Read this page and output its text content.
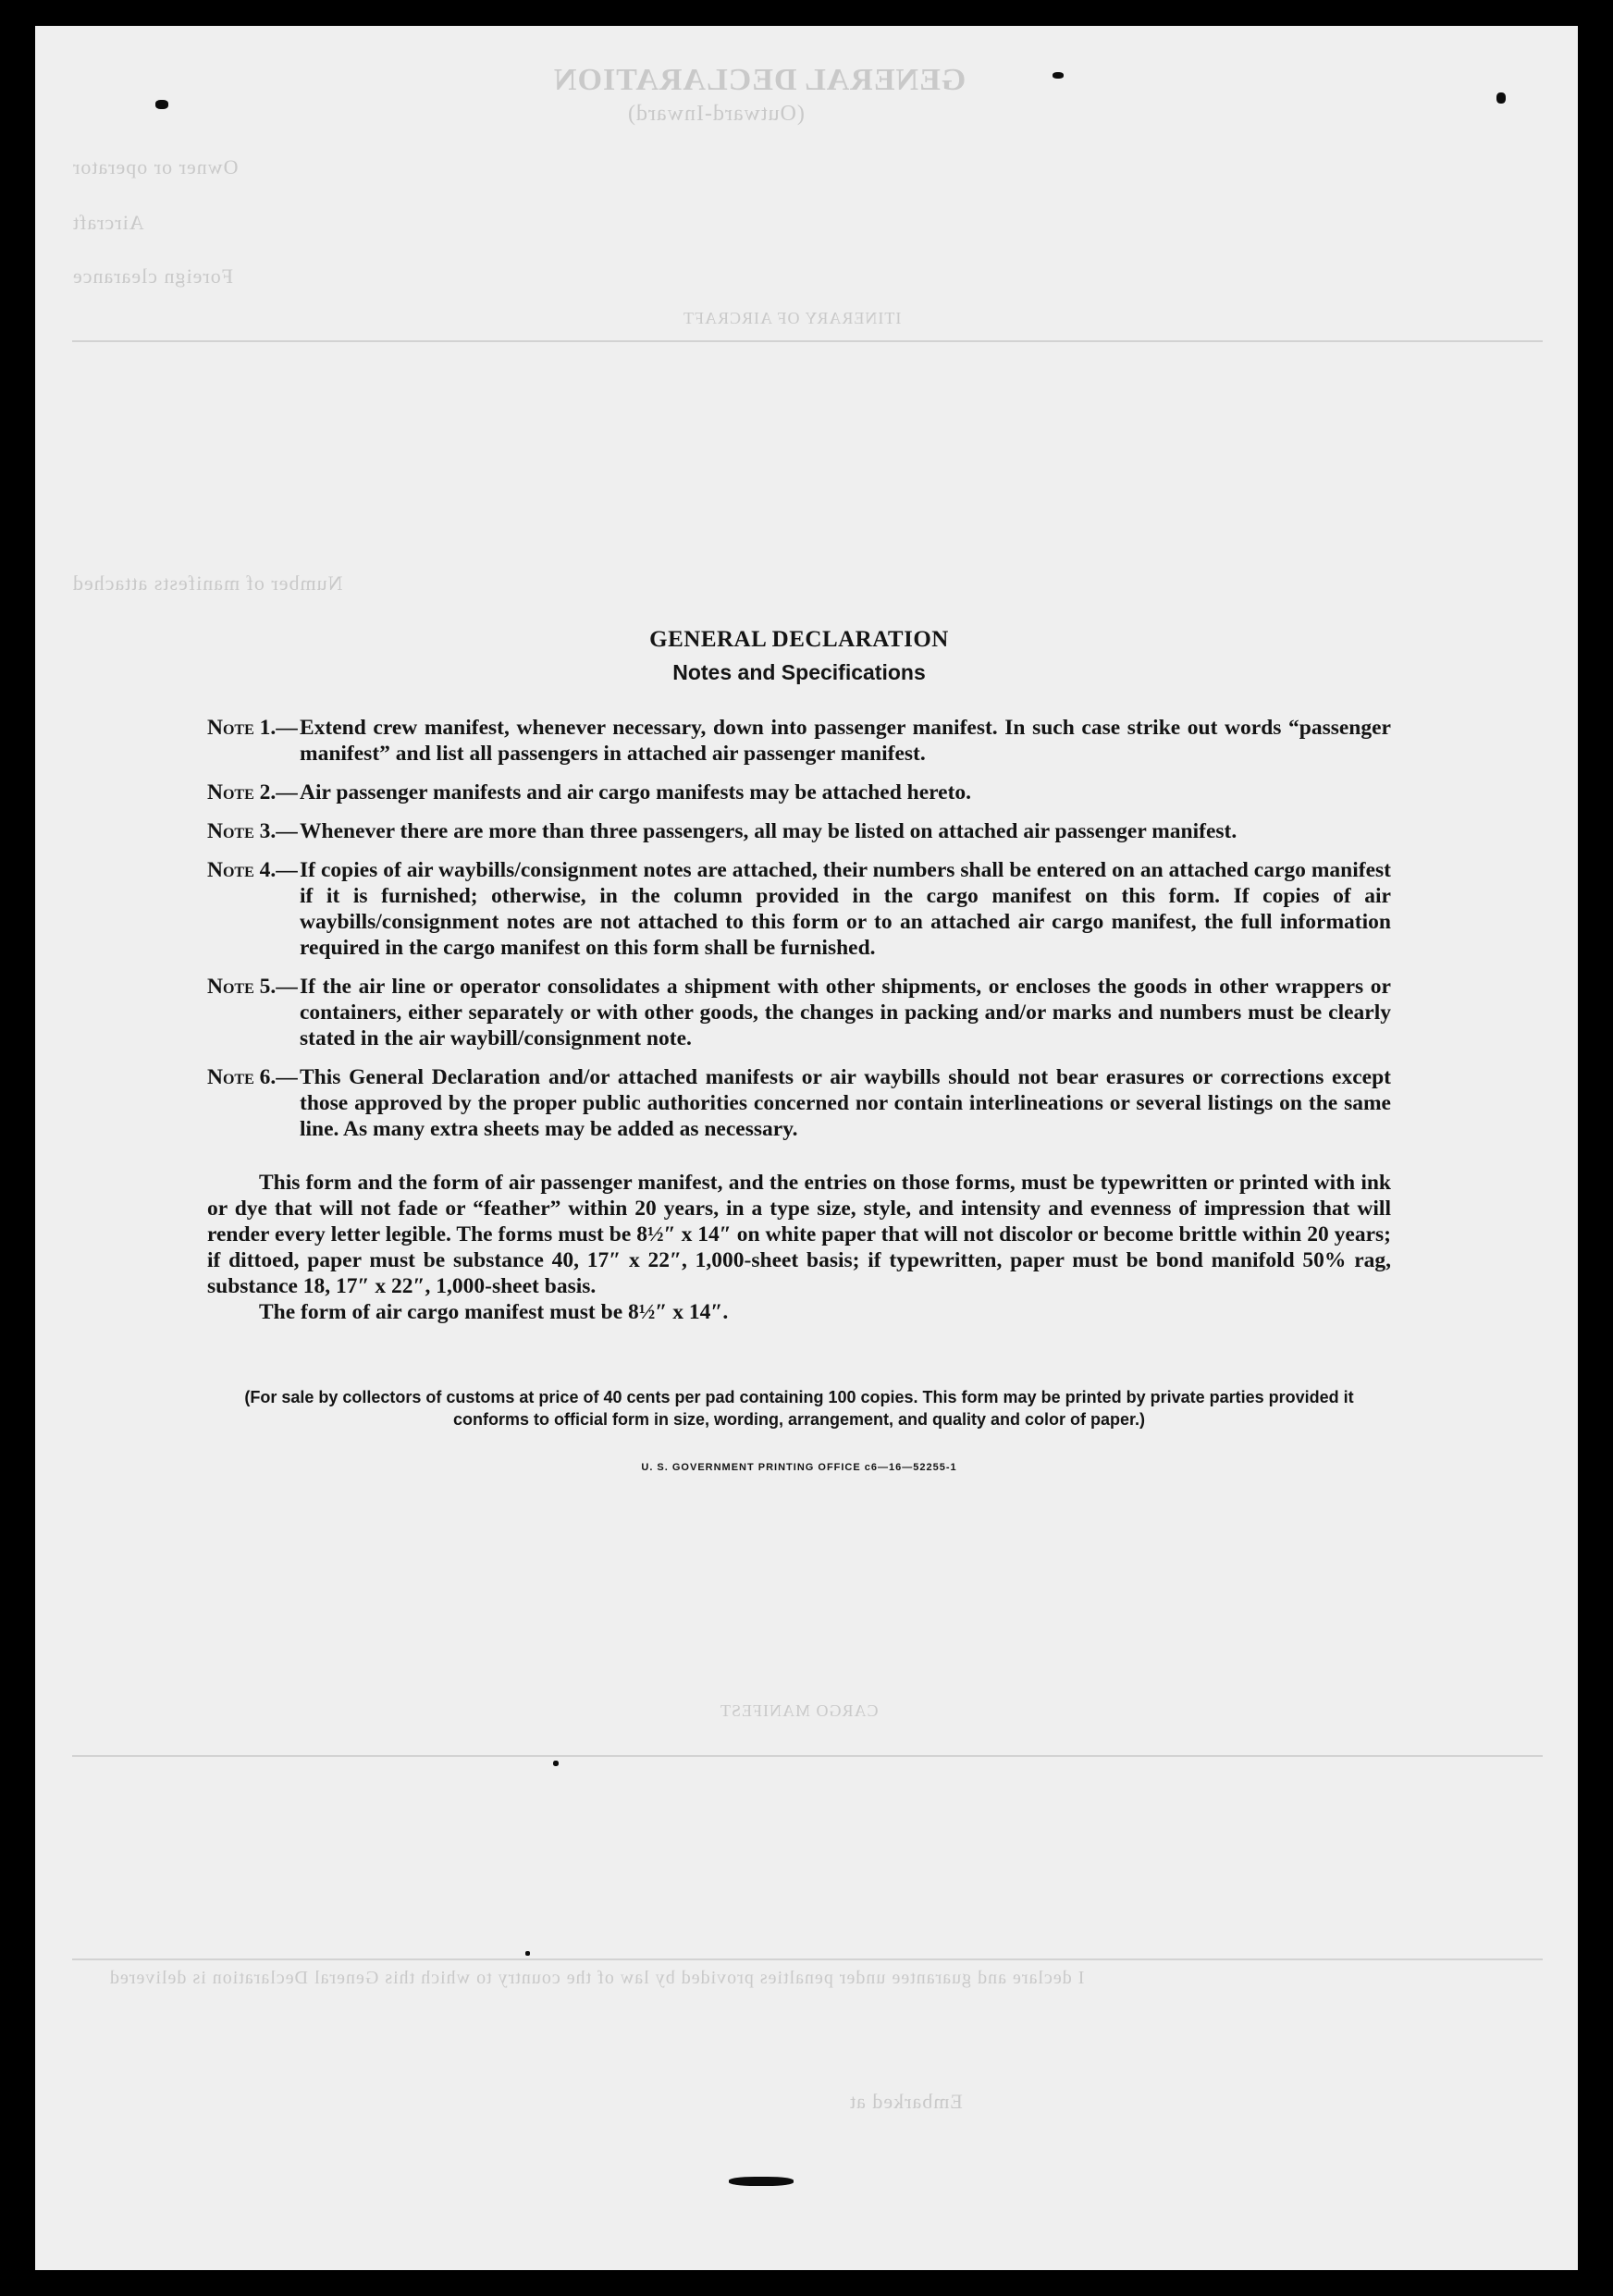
GENERAL DECLARATION
(Outward-Inward)
Owner or operator
Aircraft
Foreign clearance
Number of manifests attached
ITINERARY OF AIRCRAFT
CARGO MANIFEST
I declare and guarantee under penalties provided by law of the country to which this General Declaration is delivered
Embarked at
GENERAL DECLARATION
Notes and Specifications
Note 1.— Extend crew manifest, whenever necessary, down into passenger manifest. In such case strike out words “passenger manifest” and list all passengers in attached air passenger manifest.
Note 2.— Air passenger manifests and air cargo manifests may be attached hereto.
Note 3.— Whenever there are more than three passengers, all may be listed on attached air passenger manifest.
Note 4.— If copies of air waybills/consignment notes are attached, their numbers shall be entered on an attached cargo manifest if it is furnished; otherwise, in the column provided in the cargo manifest on this form. If copies of air waybills/consignment notes are not attached to this form or to an attached air cargo manifest, the full information required in the cargo manifest on this form shall be furnished.
Note 5.— If the air line or operator consolidates a shipment with other shipments, or encloses the goods in other wrappers or containers, either separately or with other goods, the changes in packing and/or marks and numbers must be clearly stated in the air waybill/consignment note.
Note 6.— This General Declaration and/or attached manifests or air waybills should not bear erasures or corrections except those approved by the proper public authorities concerned nor contain interlineations or several listings on the same line. As many extra sheets may be added as necessary.

This form and the form of air passenger manifest, and the entries on those forms, must be typewritten or printed with ink or dye that will not fade or “feather” within 20 years, in a type size, style, and intensity and evenness of impression that will render every letter legible. The forms must be 8½″ x 14″ on white paper that will not discolor or become brittle within 20 years; if dittoed, paper must be substance 40, 17″ x 22″, 1,000-sheet basis; if typewritten, paper must be bond manifold 50% rag, substance 18, 17″ x 22″, 1,000-sheet basis.

The form of air cargo manifest must be 8½″ x 14″.

(For sale by collectors of customs at price of 40 cents per pad containing 100 copies. This form may be printed by private parties provided it conforms to official form in size, wording, arrangement, and quality and color of paper.)
U. S. GOVERNMENT PRINTING OFFICE c6—16—52255-1
